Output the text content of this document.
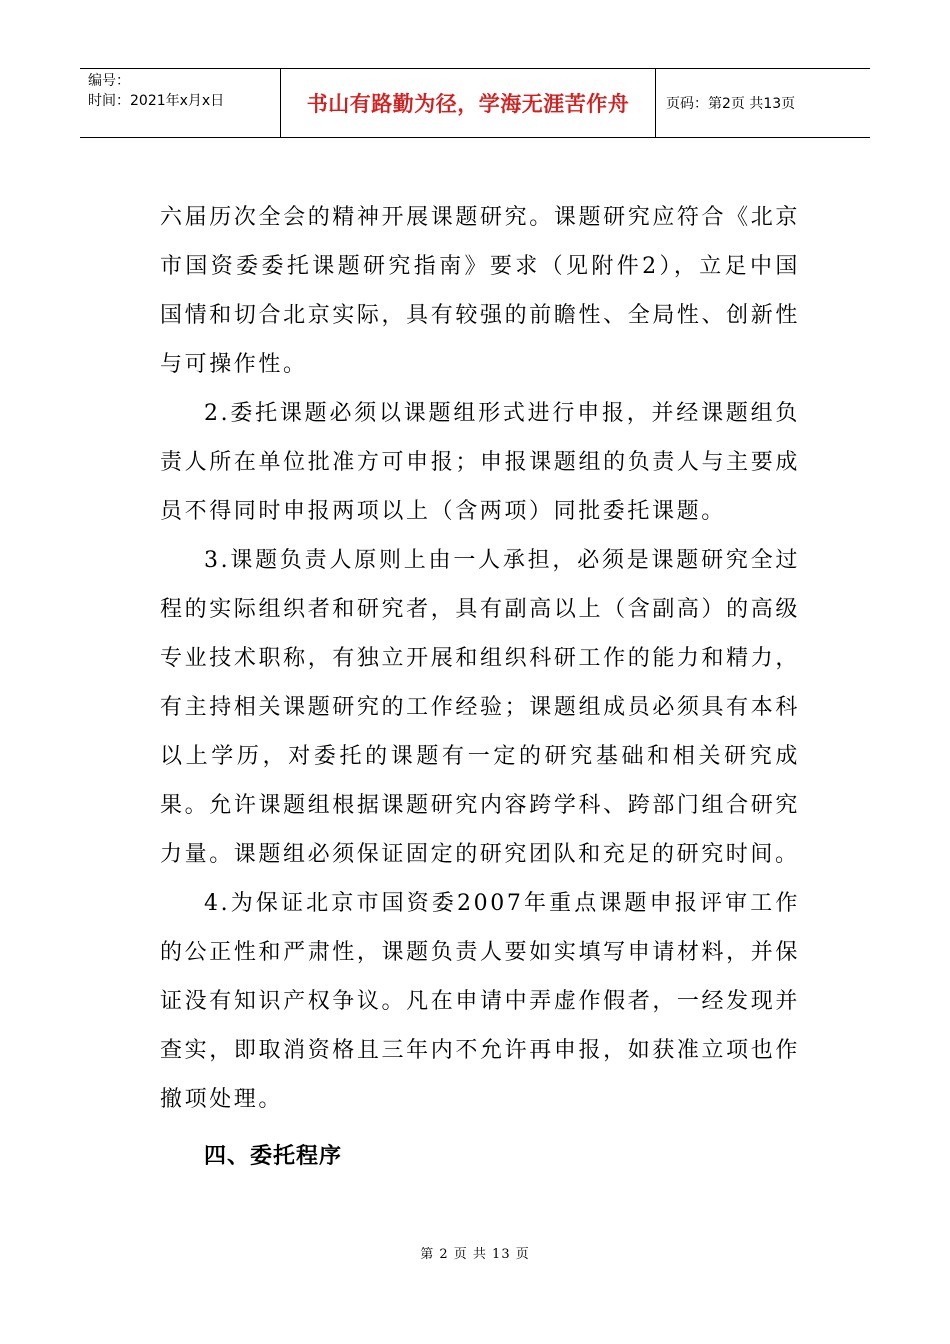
编号：
时间：2021年x月x日	书山有路勤为径，学海无涯苦作舟	页码：第2页 共13页

六届历次全会的精神开展课题研究。课题研究应符合《北京市国资委委托课题研究指南》要求（见附件2），立足中国国情和切合北京实际，具有较强的前瞻性、全局性、创新性与可操作性。

2.委托课题必须以课题组形式进行申报，并经课题组负责人所在单位批准方可申报；申报课题组的负责人与主要成员不得同时申报两项以上（含两项）同批委托课题。

3.课题负责人原则上由一人承担，必须是课题研究全过程的实际组织者和研究者，具有副高以上（含副高）的高级专业技术职称，有独立开展和组织科研工作的能力和精力，有主持相关课题研究的工作经验；课题组成员必须具有本科以上学历，对委托的课题有一定的研究基础和相关研究成果。允许课题组根据课题研究内容跨学科、跨部门组合研究力量。课题组必须保证固定的研究团队和充足的研究时间。

4.为保证北京市国资委2007年重点课题申报评审工作的公正性和严肃性，课题负责人要如实填写申请材料，并保证没有知识产权争议。凡在申请中弄虚作假者，一经发现并查实，即取消资格且三年内不允许再申报，如获准立项也作撤项处理。

四、委托程序

第 2 页 共 13 页
